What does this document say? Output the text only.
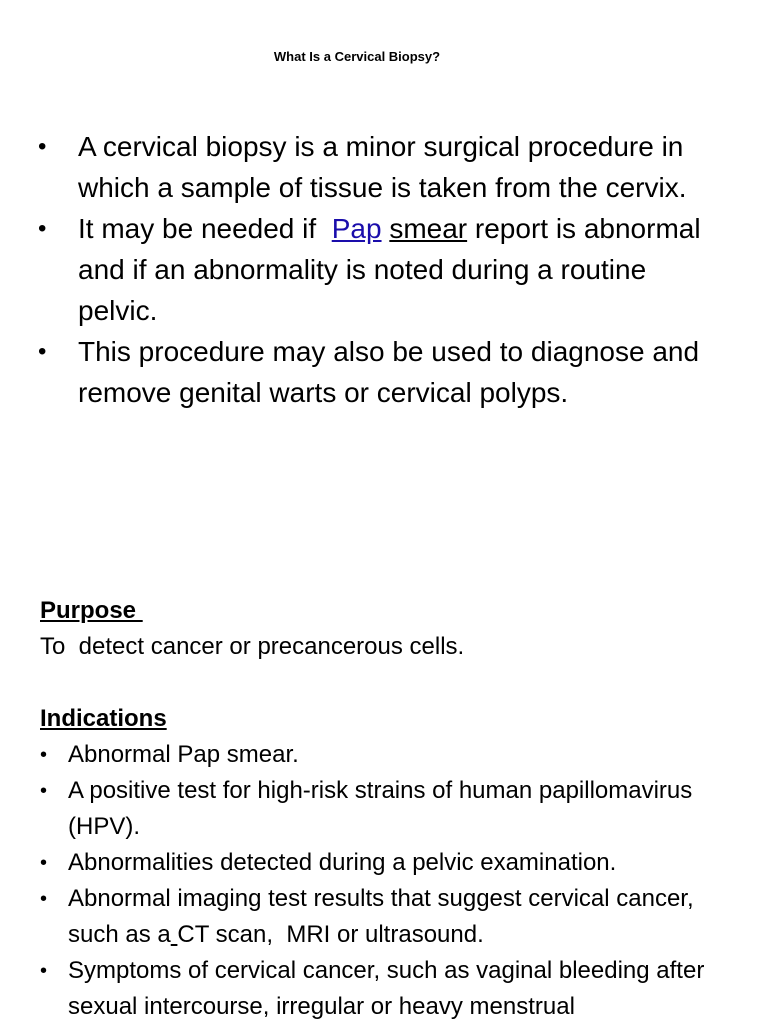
What Is a Cervical Biopsy?
•	A cervical biopsy is a minor surgical procedure in which a sample of tissue is taken from the cervix.
•	It may be needed if  Pap smear report is abnormal and if an abnormality is noted during a routine pelvic.
•	This procedure may also be used to diagnose and  remove genital warts or cervical polyps.
Purpose
To  detect cancer or precancerous cells.
Indications
• Abnormal Pap smear.
• A positive test for high-risk strains of human papillomavirus (HPV).
• Abnormalities detected during a pelvic examination.
• Abnormal imaging test results that suggest cervical cancer, such as a CT scan,  MRI or ultrasound.
• Symptoms of cervical cancer, such as vaginal bleeding after sexual intercourse, irregular or heavy menstrual
